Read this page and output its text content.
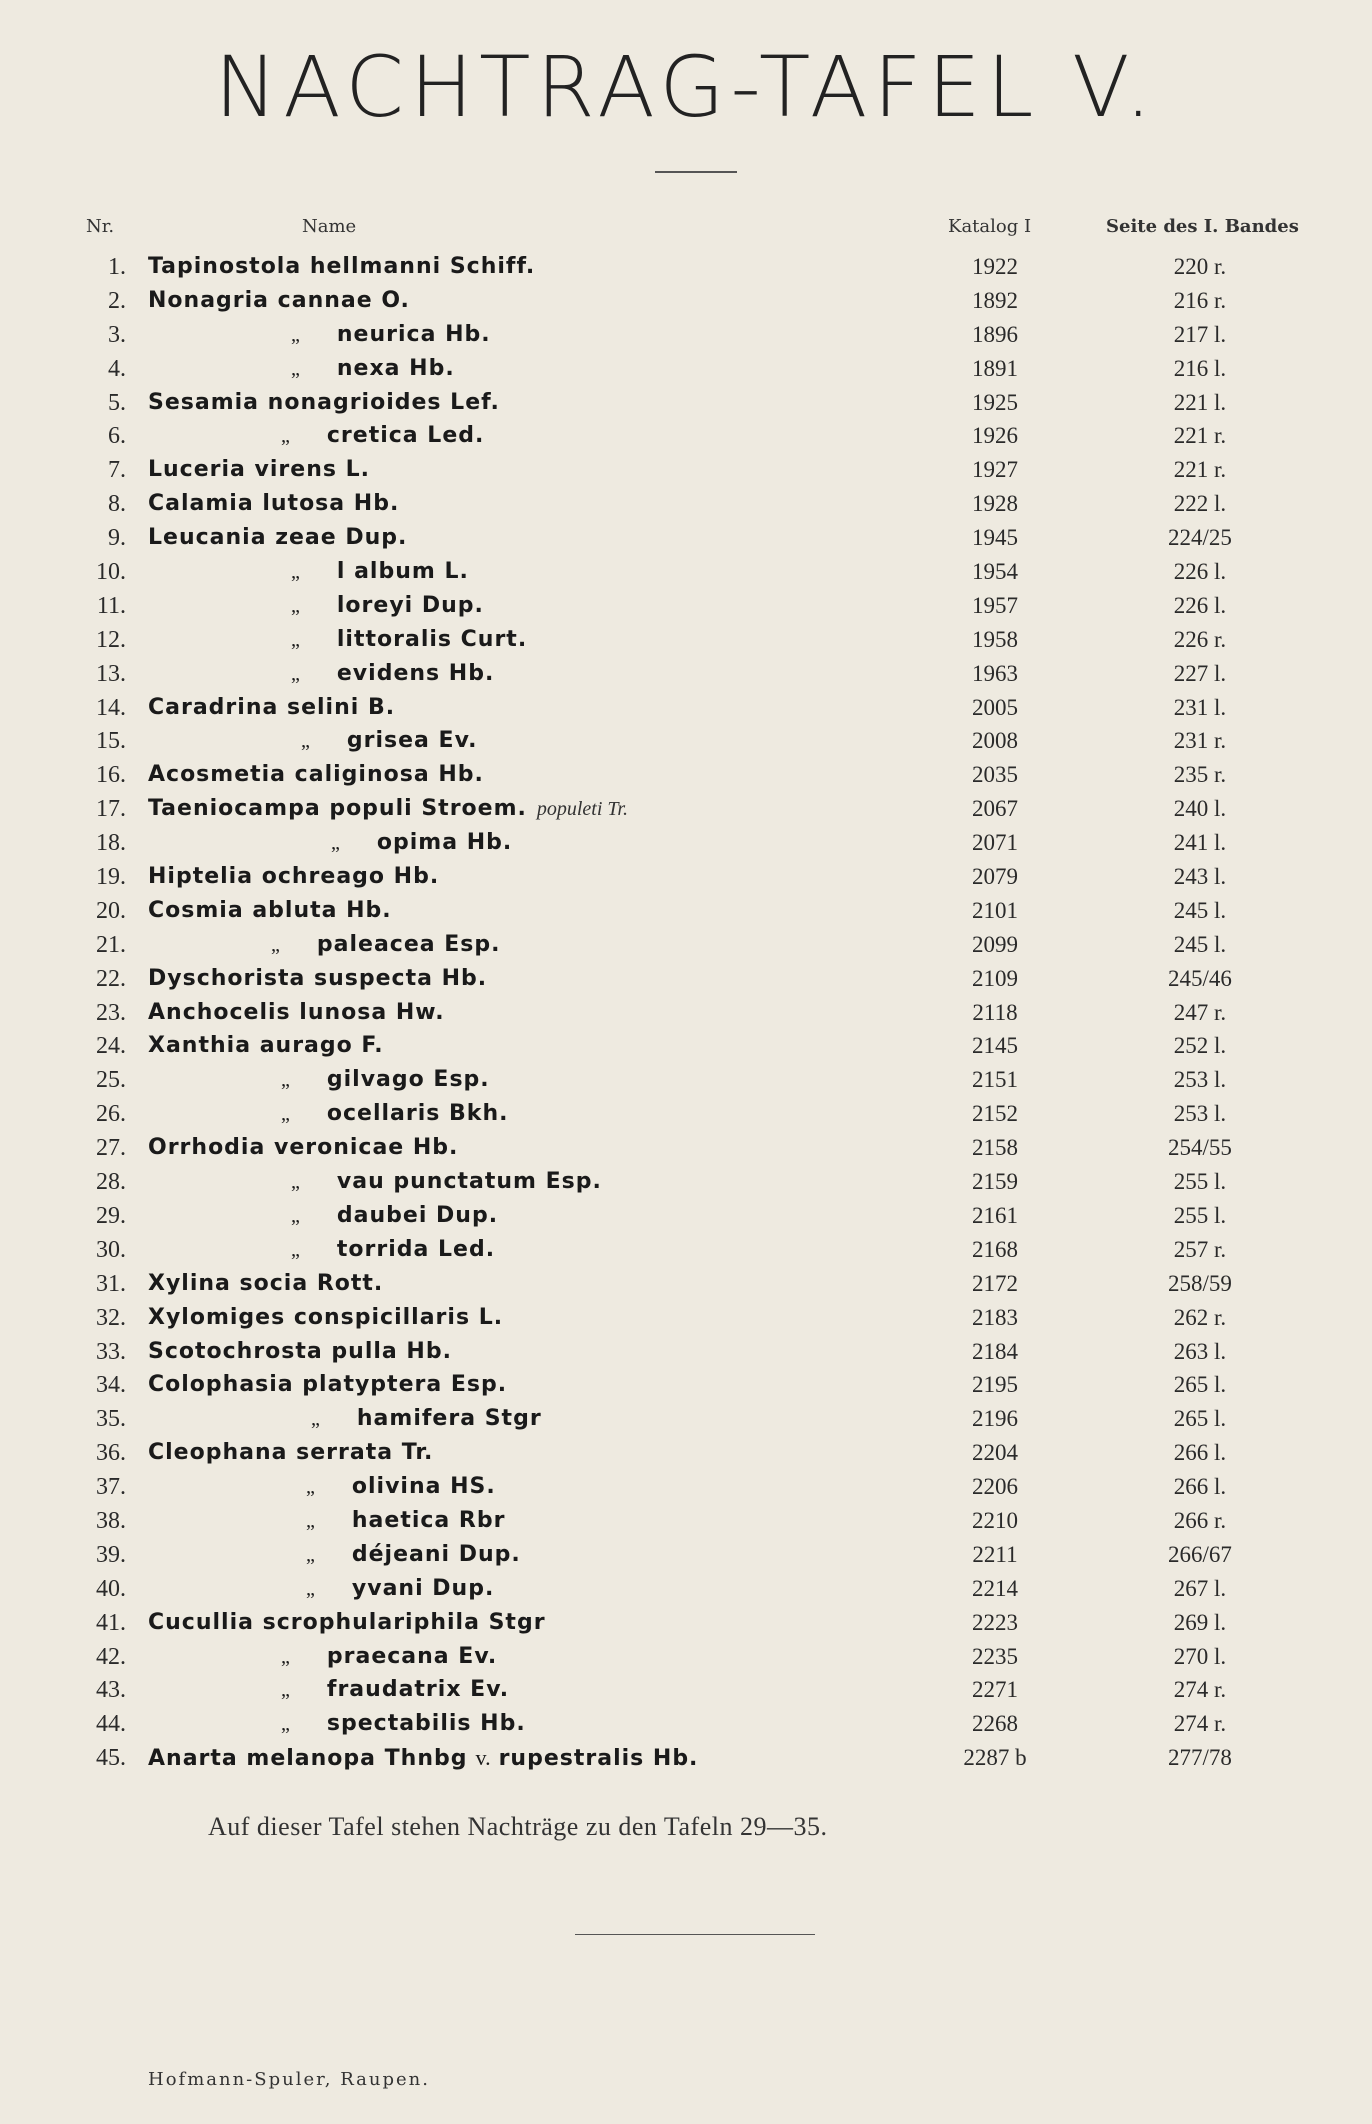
NACHTRAG-TAFEL V.
Nr.	Name	Katalog I	Seite des I. Bandes
1. Tapinostola hellmanni Schiff.	1922	220 r.
2. Nonagria cannae O.	1892	216 r.
3.	„ neurica Hb.	1896	217 l.
4.	„ nexa Hb.	1891	216 l.
5. Sesamia nonagrioides Lef.	1925	221 l.
6.	„ cretica Led.	1926	221 r.
7. Luceria virens L.	1927	221 r.
8. Calamia lutosa Hb.	1928	222 l.
9. Leucania zeae Dup.	1945	224/25
10.	„ l album L.	1954	226 l.
11.	„ loreyi Dup.	1957	226 l.
12.	„ littoralis Curt.	1958	226 r.
13.	„ evidens Hb.	1963	227 l.
14. Caradrina selini B.	2005	231 l.
15.	„ grisea Ev.	2008	231 r.
16. Acosmetia caliginosa Hb.	2035	235 r.
17. Taeniocampa populi Stroem. populeti Tr.	2067	240 l.
18.	„ opima Hb.	2071	241 l.
19. Hiptelia ochreago Hb.	2079	243 l.
20. Cosmia abluta Hb.	2101	245 l.
21.	„ paleacea Esp.	2099	245 l.
22. Dyschorista suspecta Hb.	2109	245/46
23. Anchocelis lunosa Hw.	2118	247 r.
24. Xanthia aurago F.	2145	252 l.
25.	„ gilvago Esp.	2151	253 l.
26.	„ ocellaris Bkh.	2152	253 l.
27. Orrhodia veronicae Hb.	2158	254/55
28.	„ vau punctatum Esp.	2159	255 l.
29.	„ daubei Dup.	2161	255 l.
30.	„ torrida Led.	2168	257 r.
31. Xylina socia Rott.	2172	258/59
32. Xylomiges conspicillaris L.	2183	262 r.
33. Scotochrosta pulla Hb.	2184	263 l.
34. Colophasia platyptera Esp.	2195	265 l.
35.	„ hamifera Stgr	2196	265 l.
36. Cleophana serrata Tr.	2204	266 l.
37.	„ olivina HS.	2206	266 l.
38.	„ haetica Rbr	2210	266 r.
39.	„ déjeani Dup.	2211	266/67
40.	„ yvani Dup.	2214	267 l.
41. Cucullia scrophulariphila Stgr	2223	269 l.
42.	„ praecana Ev.	2235	270 l.
43.	„ fraudatrix Ev.	2271	274 r.
44.	„ spectabilis Hb.	2268	274 r.
45. Anarta melanopa Thnbg v. rupestralis Hb.	2287 b	277/78
Auf dieser Tafel stehen Nachträge zu den Tafeln 29—35.
Hofmann-Spuler, Raupen.
